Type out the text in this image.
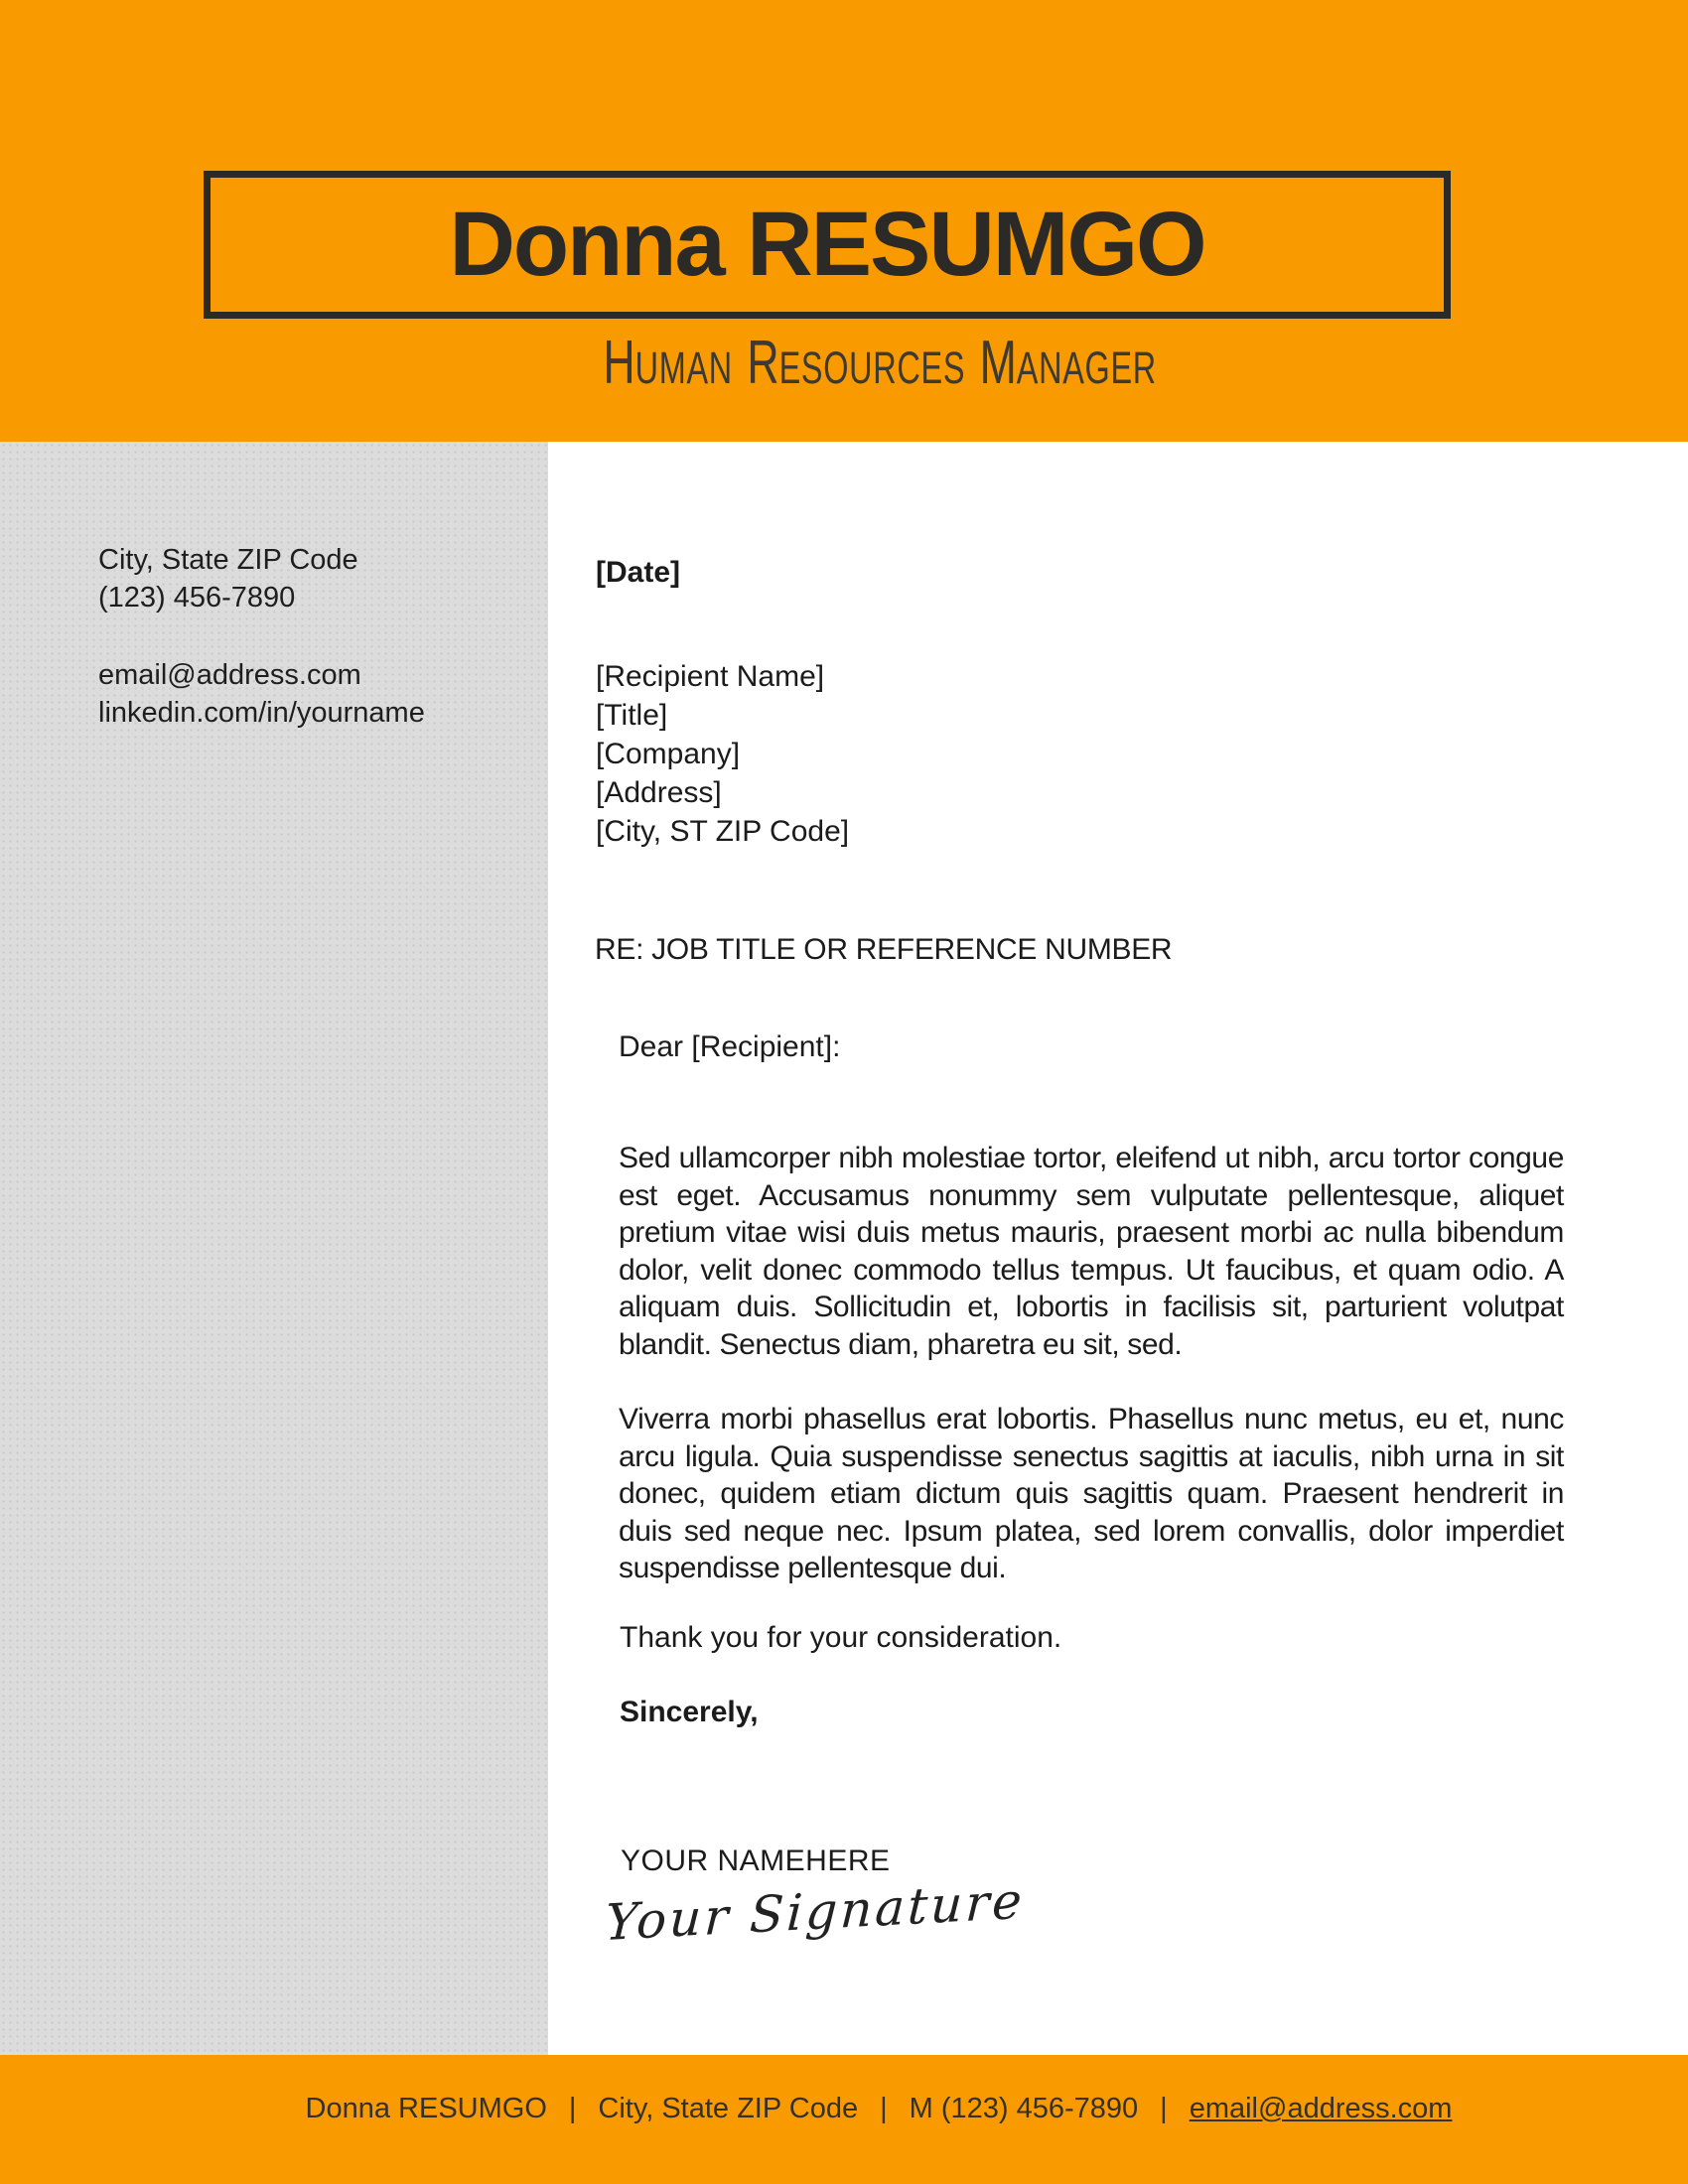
Donna RESUMGO
H UMAN R ESOURCES M ANAGER
City, State ZIP Code
(123) 456-7890
email@address.com
linkedin.com/in/yourname
[Date]
[Recipient Name]
[Title]
[Company]
[Address]
[City, ST ZIP Code]
RE: JOB TITLE OR REFERENCE NUMBER
Dear [Recipient]:

Sed ullamcorper nibh molestiae tortor, eleifend ut nibh, arcu tortor congue est eget. Accusamus nonummy sem vulputate pellentesque, aliquet pretium vitae wisi duis metus mauris, praesent morbi ac nulla bibendum dolor, velit donec commodo tellus tempus. Ut faucibus, et quam odio. A aliquam duis. Sollicitudin et, lobortis in facilisis sit, parturient volutpat blandit. Senectus diam, pharetra eu sit, sed.

Viverra morbi phasellus erat lobortis. Phasellus nunc metus, eu et, nunc arcu ligula. Quia suspendisse senectus sagittis at iaculis, nibh urna in sit donec, quidem etiam dictum quis sagittis quam. Praesent hendrerit in duis sed neque nec. Ipsum platea, sed lorem convallis, dolor imperdiet suspendisse pellentesque dui.

Thank you for your consideration.
Sincerely,
YOUR NAMEHERE
Your Signature
Donna RESUMGO | City, State ZIP Code | M (123) 456-7890 | email@address.com
